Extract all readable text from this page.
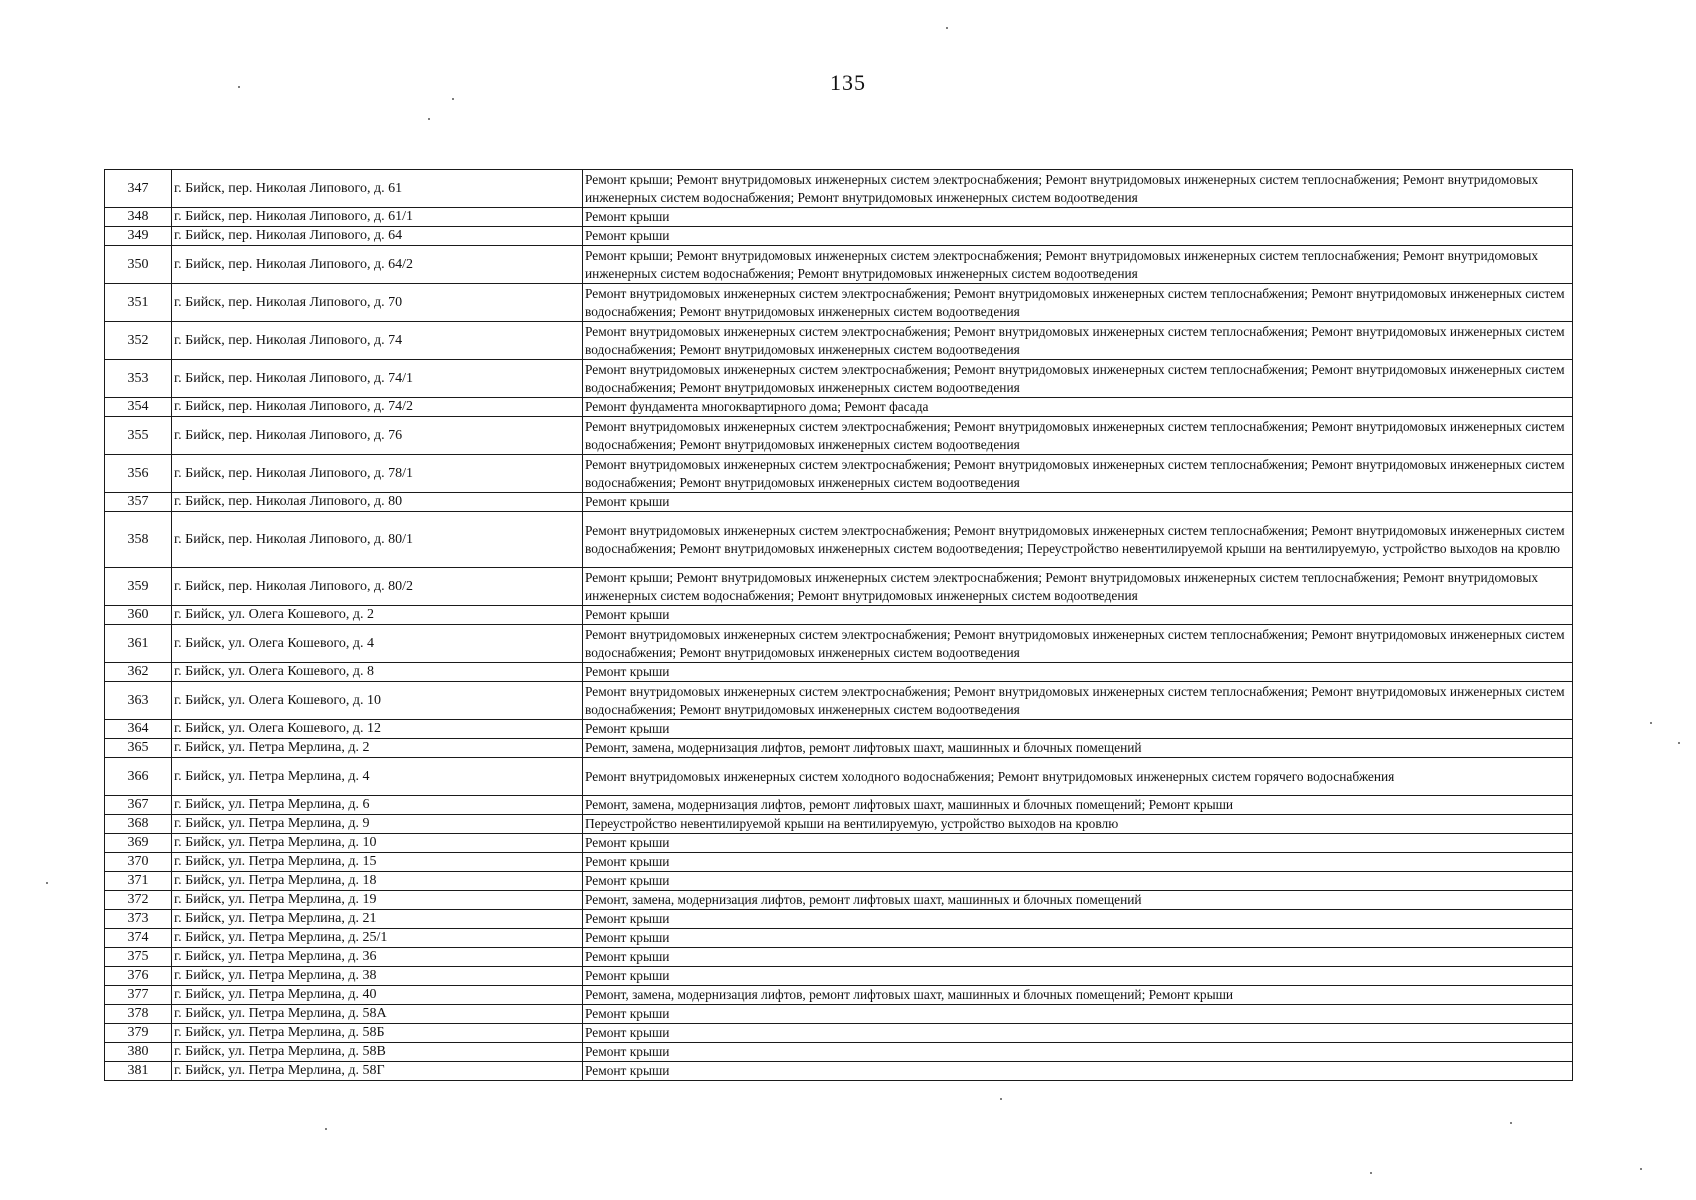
135
347	г. Бийск, пер. Николая Липового, д. 61	Ремонт крыши; Ремонт внутридомовых инженерных систем электроснабжения; Ремонт внутридомовых инженерных систем теплоснабжения; Ремонт внутридомовых инженерных систем водоснабжения; Ремонт внутридомовых инженерных систем водоотведения
348	г. Бийск, пер. Николая Липового, д. 61/1	Ремонт крыши
349	г. Бийск, пер. Николая Липового, д. 64	Ремонт крыши
350	г. Бийск, пер. Николая Липового, д. 64/2	Ремонт крыши; Ремонт внутридомовых инженерных систем электроснабжения; Ремонт внутридомовых инженерных систем теплоснабжения; Ремонт внутридомовых инженерных систем водоснабжения; Ремонт внутридомовых инженерных систем водоотведения
351	г. Бийск, пер. Николая Липового, д. 70	Ремонт внутридомовых инженерных систем электроснабжения; Ремонт внутридомовых инженерных систем теплоснабжения; Ремонт внутридомовых инженерных систем водоснабжения; Ремонт внутридомовых инженерных систем водоотведения
352	г. Бийск, пер. Николая Липового, д. 74	Ремонт внутридомовых инженерных систем электроснабжения; Ремонт внутридомовых инженерных систем теплоснабжения; Ремонт внутридомовых инженерных систем водоснабжения; Ремонт внутридомовых инженерных систем водоотведения
353	г. Бийск, пер. Николая Липового, д. 74/1	Ремонт внутридомовых инженерных систем электроснабжения; Ремонт внутридомовых инженерных систем теплоснабжения; Ремонт внутридомовых инженерных систем водоснабжения; Ремонт внутридомовых инженерных систем водоотведения
354	г. Бийск, пер. Николая Липового, д. 74/2	Ремонт фундамента многоквартирного дома; Ремонт фасада
355	г. Бийск, пер. Николая Липового, д. 76	Ремонт внутридомовых инженерных систем электроснабжения; Ремонт внутридомовых инженерных систем теплоснабжения; Ремонт внутридомовых инженерных систем водоснабжения; Ремонт внутридомовых инженерных систем водоотведения
356	г. Бийск, пер. Николая Липового, д. 78/1	Ремонт внутридомовых инженерных систем электроснабжения; Ремонт внутридомовых инженерных систем теплоснабжения; Ремонт внутридомовых инженерных систем водоснабжения; Ремонт внутридомовых инженерных систем водоотведения
357	г. Бийск, пер. Николая Липового, д. 80	Ремонт крыши
358	г. Бийск, пер. Николая Липового, д. 80/1	Ремонт внутридомовых инженерных систем электроснабжения; Ремонт внутридомовых инженерных систем теплоснабжения; Ремонт внутридомовых инженерных систем водоснабжения; Ремонт внутридомовых инженерных систем водоотведения; Переустройство невентилируемой крыши на вентилируемую, устройство выходов на кровлю
359	г. Бийск, пер. Николая Липового, д. 80/2	Ремонт крыши; Ремонт внутридомовых инженерных систем электроснабжения; Ремонт внутридомовых инженерных систем теплоснабжения; Ремонт внутридомовых инженерных систем водоснабжения; Ремонт внутридомовых инженерных систем водоотведения
360	г. Бийск, ул. Олега Кошевого, д. 2	Ремонт крыши
361	г. Бийск, ул. Олега Кошевого, д. 4	Ремонт внутридомовых инженерных систем электроснабжения; Ремонт внутридомовых инженерных систем теплоснабжения; Ремонт внутридомовых инженерных систем водоснабжения; Ремонт внутридомовых инженерных систем водоотведения
362	г. Бийск, ул. Олега Кошевого, д. 8	Ремонт крыши
363	г. Бийск, ул. Олега Кошевого, д. 10	Ремонт внутридомовых инженерных систем электроснабжения; Ремонт внутридомовых инженерных систем теплоснабжения; Ремонт внутридомовых инженерных систем водоснабжения; Ремонт внутридомовых инженерных систем водоотведения
364	г. Бийск, ул. Олега Кошевого, д. 12	Ремонт крыши
365	г. Бийск, ул. Петра Мерлина, д. 2	Ремонт, замена, модернизация лифтов, ремонт лифтовых шахт, машинных и блочных помещений
366	г. Бийск, ул. Петра Мерлина, д. 4	Ремонт внутридомовых инженерных систем холодного водоснабжения; Ремонт внутридомовых инженерных систем горячего водоснабжения
367	г. Бийск, ул. Петра Мерлина, д. 6	Ремонт, замена, модернизация лифтов, ремонт лифтовых шахт, машинных и блочных помещений; Ремонт крыши
368	г. Бийск, ул. Петра Мерлина, д. 9	Переустройство невентилируемой крыши на вентилируемую, устройство выходов на кровлю
369	г. Бийск, ул. Петра Мерлина, д. 10	Ремонт крыши
370	г. Бийск, ул. Петра Мерлина, д. 15	Ремонт крыши
371	г. Бийск, ул. Петра Мерлина, д. 18	Ремонт крыши
372	г. Бийск, ул. Петра Мерлина, д. 19	Ремонт, замена, модернизация лифтов, ремонт лифтовых шахт, машинных и блочных помещений
373	г. Бийск, ул. Петра Мерлина, д. 21	Ремонт крыши
374	г. Бийск, ул. Петра Мерлина, д. 25/1	Ремонт крыши
375	г. Бийск, ул. Петра Мерлина, д. 36	Ремонт крыши
376	г. Бийск, ул. Петра Мерлина, д. 38	Ремонт крыши
377	г. Бийск, ул. Петра Мерлина, д. 40	Ремонт, замена, модернизация лифтов, ремонт лифтовых шахт, машинных и блочных помещений; Ремонт крыши
378	г. Бийск, ул. Петра Мерлина, д. 58А	Ремонт крыши
379	г. Бийск, ул. Петра Мерлина, д. 58Б	Ремонт крыши
380	г. Бийск, ул. Петра Мерлина, д. 58В	Ремонт крыши
381	г. Бийск, ул. Петра Мерлина, д. 58Г	Ремонт крыши
